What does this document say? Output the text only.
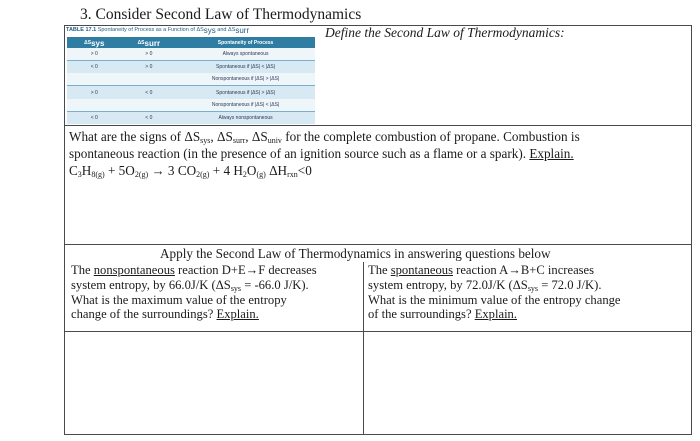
3. Consider Second Law of Thermodynamics
Define the Second Law of Thermodynamics:
TABLE 17.1 Spontaneity of Process as a Function of $\Delta S_{sys}$ and $\Delta S_{surr}$
$\Delta S_{sys}$	$\Delta S_{surr}$	Spontaneity of Process
> 0	> 0	Always spontaneous
< 0	> 0	Spontaneous if |ΔS| < |ΔS|
		Nonspontaneous if |ΔS| > |ΔS|
> 0	< 0	Spontaneous if |ΔS| > |ΔS|
		Nonspontaneous if |ΔS| < |ΔS|
< 0	< 0	Always nonspontaneous

What are the signs of $\Delta S_{sys}$, $\Delta S_{surr}$, $\Delta S_{univ}$ for the complete combustion of propane. Combustion is

spontaneous reaction (in the presence of an ignition source such as a flame or a spark). Explain.

$C_3H_{8(g)} + 5O_{2(g)} \to 3$ $CO_{2(g)} + 4$ $H_2O_{(g)}$ $\Delta H_{rxn}<0$

Apply the Second Law of Thermodynamics in answering questions below

The nonspontaneous reaction D+E→F decreases

system entropy, by 66.0J/K ($\Delta S_{sys} = -66.0$ J/K).

What is the maximum value of the entropy

change of the surroundings? Explain.

The spontaneous reaction A→B+C increases

system entropy, by 72.0J/K ($\Delta S_{sys} = 72.0$ J/K).

What is the minimum value of the entropy change

of the surroundings? Explain.
